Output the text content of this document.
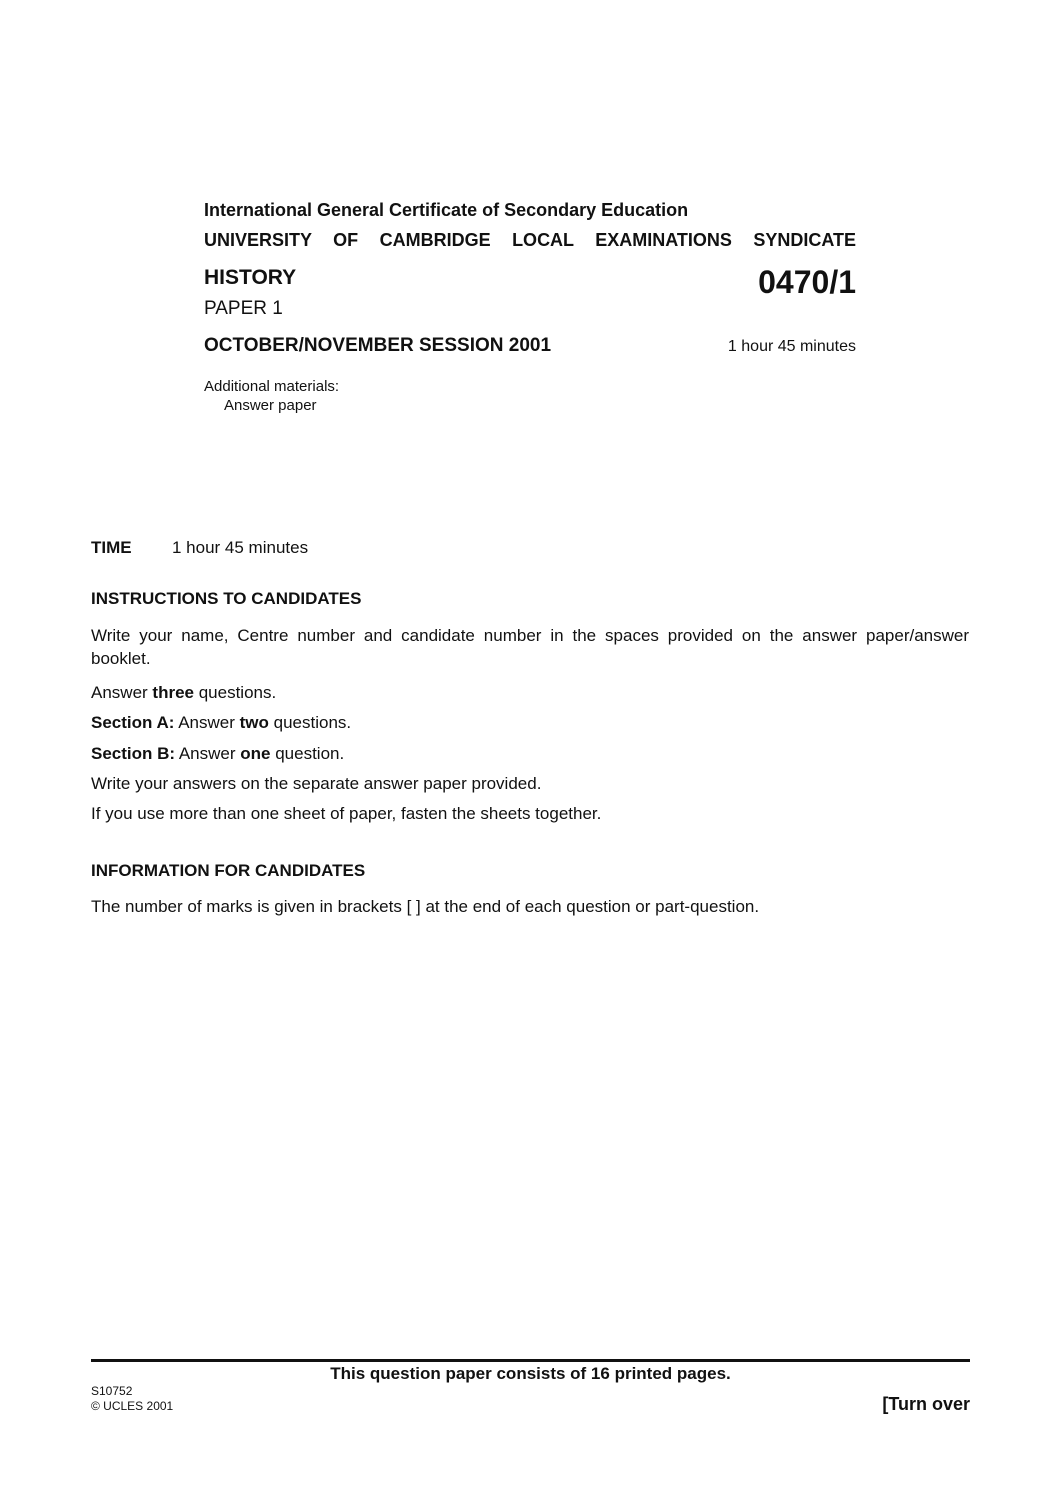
International General Certificate of Secondary Education
UNIVERSITY OF CAMBRIDGE LOCAL EXAMINATIONS SYNDICATE
HISTORY	0470/1
PAPER 1
OCTOBER/NOVEMBER SESSION 2001	1 hour 45 minutes
Additional materials:
Answer paper
TIME 1 hour 45 minutes
INSTRUCTIONS TO CANDIDATES
Write your name, Centre number and candidate number in the spaces provided on the answer paper/answer booklet.
Answer three questions.
Section A: Answer two questions.
Section B: Answer one question.
Write your answers on the separate answer paper provided.
If you use more than one sheet of paper, fasten the sheets together.
INFORMATION FOR CANDIDATES
The number of marks is given in brackets [ ] at the end of each question or part-question.
This question paper consists of 16 printed pages.
S10752
© UCLES 2001	[Turn over
